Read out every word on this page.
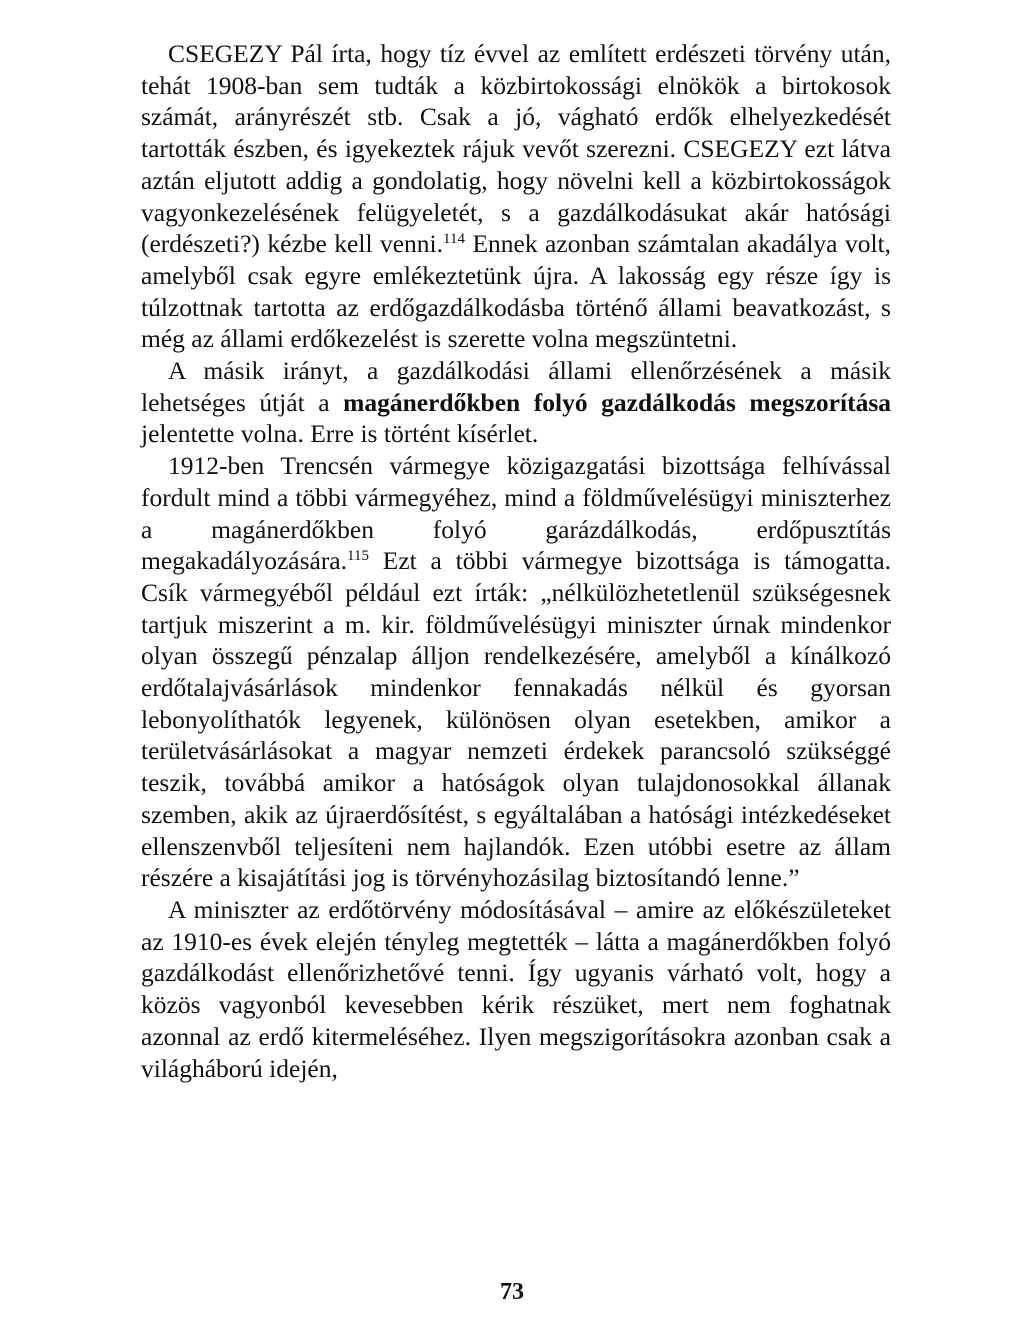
CSEGEZY Pál írta, hogy tíz évvel az említett erdészeti törvény után, tehát 1908-ban sem tudták a közbirtokossági elnökök a birtokosok számát, arányrészét stb. Csak a jó, vágható erdők elhelyezkedését tartották észben, és igyekeztek rájuk vevőt szerezni. CSEGEZY ezt látva aztán eljutott addig a gondolatig, hogy növelni kell a közbirtokosságok vagyonkezelésének felügyeletét, s a gazdálkodásukat akár hatósági (erdészeti?) kézbe kell venni.$^{114}$ Ennek azonban számtalan akadálya volt, amelyből csak egyre emlékeztetünk újra. A lakosság egy része így is túlzottnak tartotta az erdőgazdálkodásba történő állami beavatkozást, s még az állami erdőkezelést is szerette volna megszüntetni.

A másik irányt, a gazdálkodási állami ellenőrzésének a másik lehetséges útját a magánerdőkben folyó gazdálkodás megszorítása jelentette volna. Erre is történt kísérlet.

1912-ben Trencsén vármegye közigazgatási bizottsága felhívással fordult mind a többi vármegyéhez, mind a földművelésügyi miniszterhez a magánerdőkben folyó garázdálkodás, erdőpusztítás megakadályozására.$^{115}$ Ezt a többi vármegye bizottsága is támogatta. Csík vármegyéből például ezt írták: „nélkülözhetetlenül szükségesnek tartjuk miszerint a m. kir. földművelésügyi miniszter úrnak mindenkor olyan összegű pénzalap álljon rendelkezésére, amelyből a kínálkozó erdőtalajvásárlások mindenkor fennakadás nélkül és gyorsan lebonyolíthatók legyenek, különösen olyan esetekben, amikor a területvásárlásokat a magyar nemzeti érdekek parancsoló szükséggé teszik, továbbá amikor a hatóságok olyan tulajdonosokkal állanak szemben, akik az újraerdősítést, s egyáltalában a hatósági intézkedéseket ellenszenvből teljesíteni nem hajlandók. Ezen utóbbi esetre az állam részére a kisajátítási jog is törvényhozásilag biztosítandó lenne.”

A miniszter az erdőtörvény módosításával – amire az előkészületeket az 1910-es évek elején tényleg megtették – látta a magánerdőkben folyó gazdálkodást ellenőrizhetővé tenni. Így ugyanis várható volt, hogy a közös vagyonból kevesebben kérik részüket, mert nem foghatnak azonnal az erdő kitermeléséhez. Ilyen megszigorításokra azonban csak a világháború idején,

73
